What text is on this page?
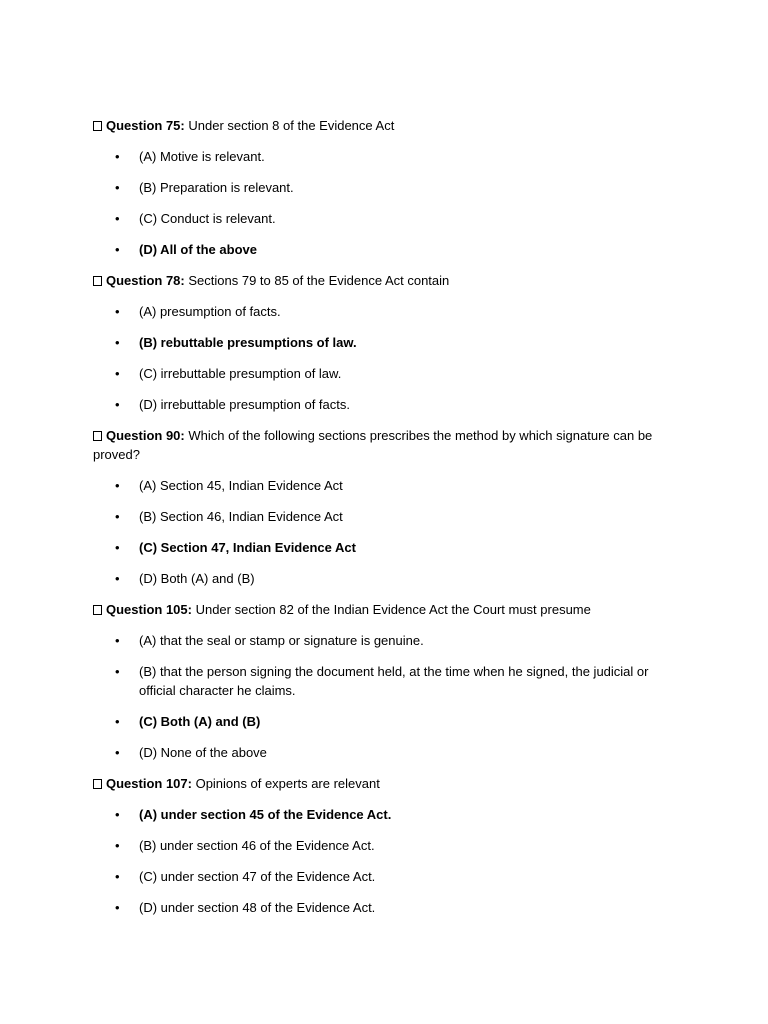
Question 75: Under section 8 of the Evidence Act
• (A) Motive is relevant.
• (B) Preparation is relevant.
• (C) Conduct is relevant.
• (D) All of the above
Question 78: Sections 79 to 85 of the Evidence Act contain
• (A) presumption of facts.
• (B) rebuttable presumptions of law.
• (C) irrebuttable presumption of law.
• (D) irrebuttable presumption of facts.
Question 90: Which of the following sections prescribes the method by which signature can be proved?
• (A) Section 45, Indian Evidence Act
• (B) Section 46, Indian Evidence Act
• (C) Section 47, Indian Evidence Act
• (D) Both (A) and (B)
Question 105: Under section 82 of the Indian Evidence Act the Court must presume
• (A) that the seal or stamp or signature is genuine.
• (B) that the person signing the document held, at the time when he signed, the judicial or official character he claims.
• (C) Both (A) and (B)
• (D) None of the above
Question 107: Opinions of experts are relevant
• (A) under section 45 of the Evidence Act.
• (B) under section 46 of the Evidence Act.
• (C) under section 47 of the Evidence Act.
• (D) under section 48 of the Evidence Act.
